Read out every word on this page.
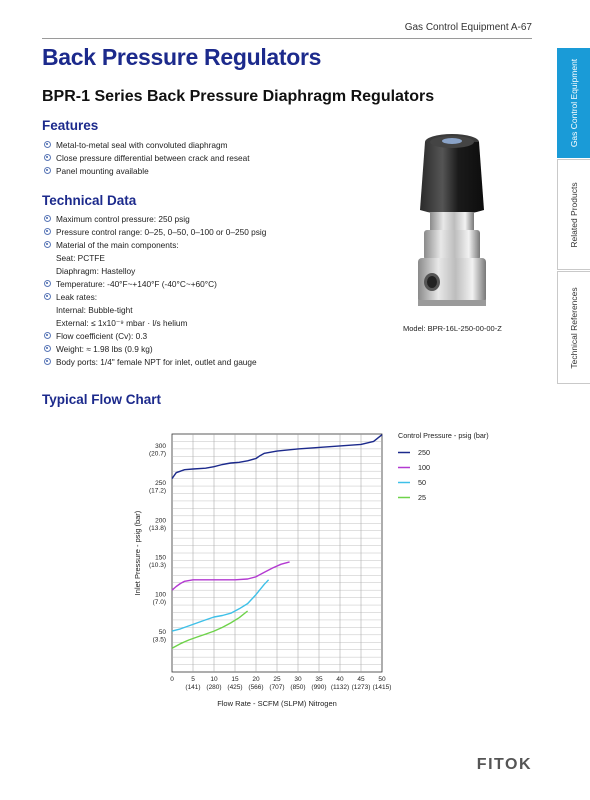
Gas Control Equipment A-67
Back Pressure Regulators
BPR-1 Series Back Pressure Diaphragm Regulators
Features
Metal-to-metal seal with convoluted diaphragm
Close pressure differential between crack and reseat
Panel mounting available
Technical Data
Maximum control pressure: 250 psig
Pressure control range: 0–25, 0–50, 0–100 or 0–250 psig
Material of the main components:
Seat: PCTFE
Diaphragm: Hastelloy
Temperature: -40°F~+140°F (-40°C~+60°C)
Leak rates:
Internal: Bubble-tight
External: ≤ 1x10⁻⁹ mbar · l/s helium
Flow coefficient (Cv): 0.3
Weight: ≈ 1.98 lbs (0.9 kg)
Body ports: 1/4" female NPT for inlet, outlet and gauge
Model: BPR-16L-250-00-00-Z
Gas Control Equipment
Related Products
Technical References
Typical Flow Chart
0	5
(141)
10
(280)
15
(425)
20
(566)
25
(707)
30
(850)
35
(990)
40
(1132)
45
(1273)
50
(1415)
50
(3.5)
100
(7.0)
150
(10.3)
200
(13.8)
250
(17.2)
300
(20.7)
Flow Rate - SCFM (SLPM) Nitrogen
Inlet Pressure - psig (bar)
Control Pressure - psig (bar)
250
100
50
25
FITOK
